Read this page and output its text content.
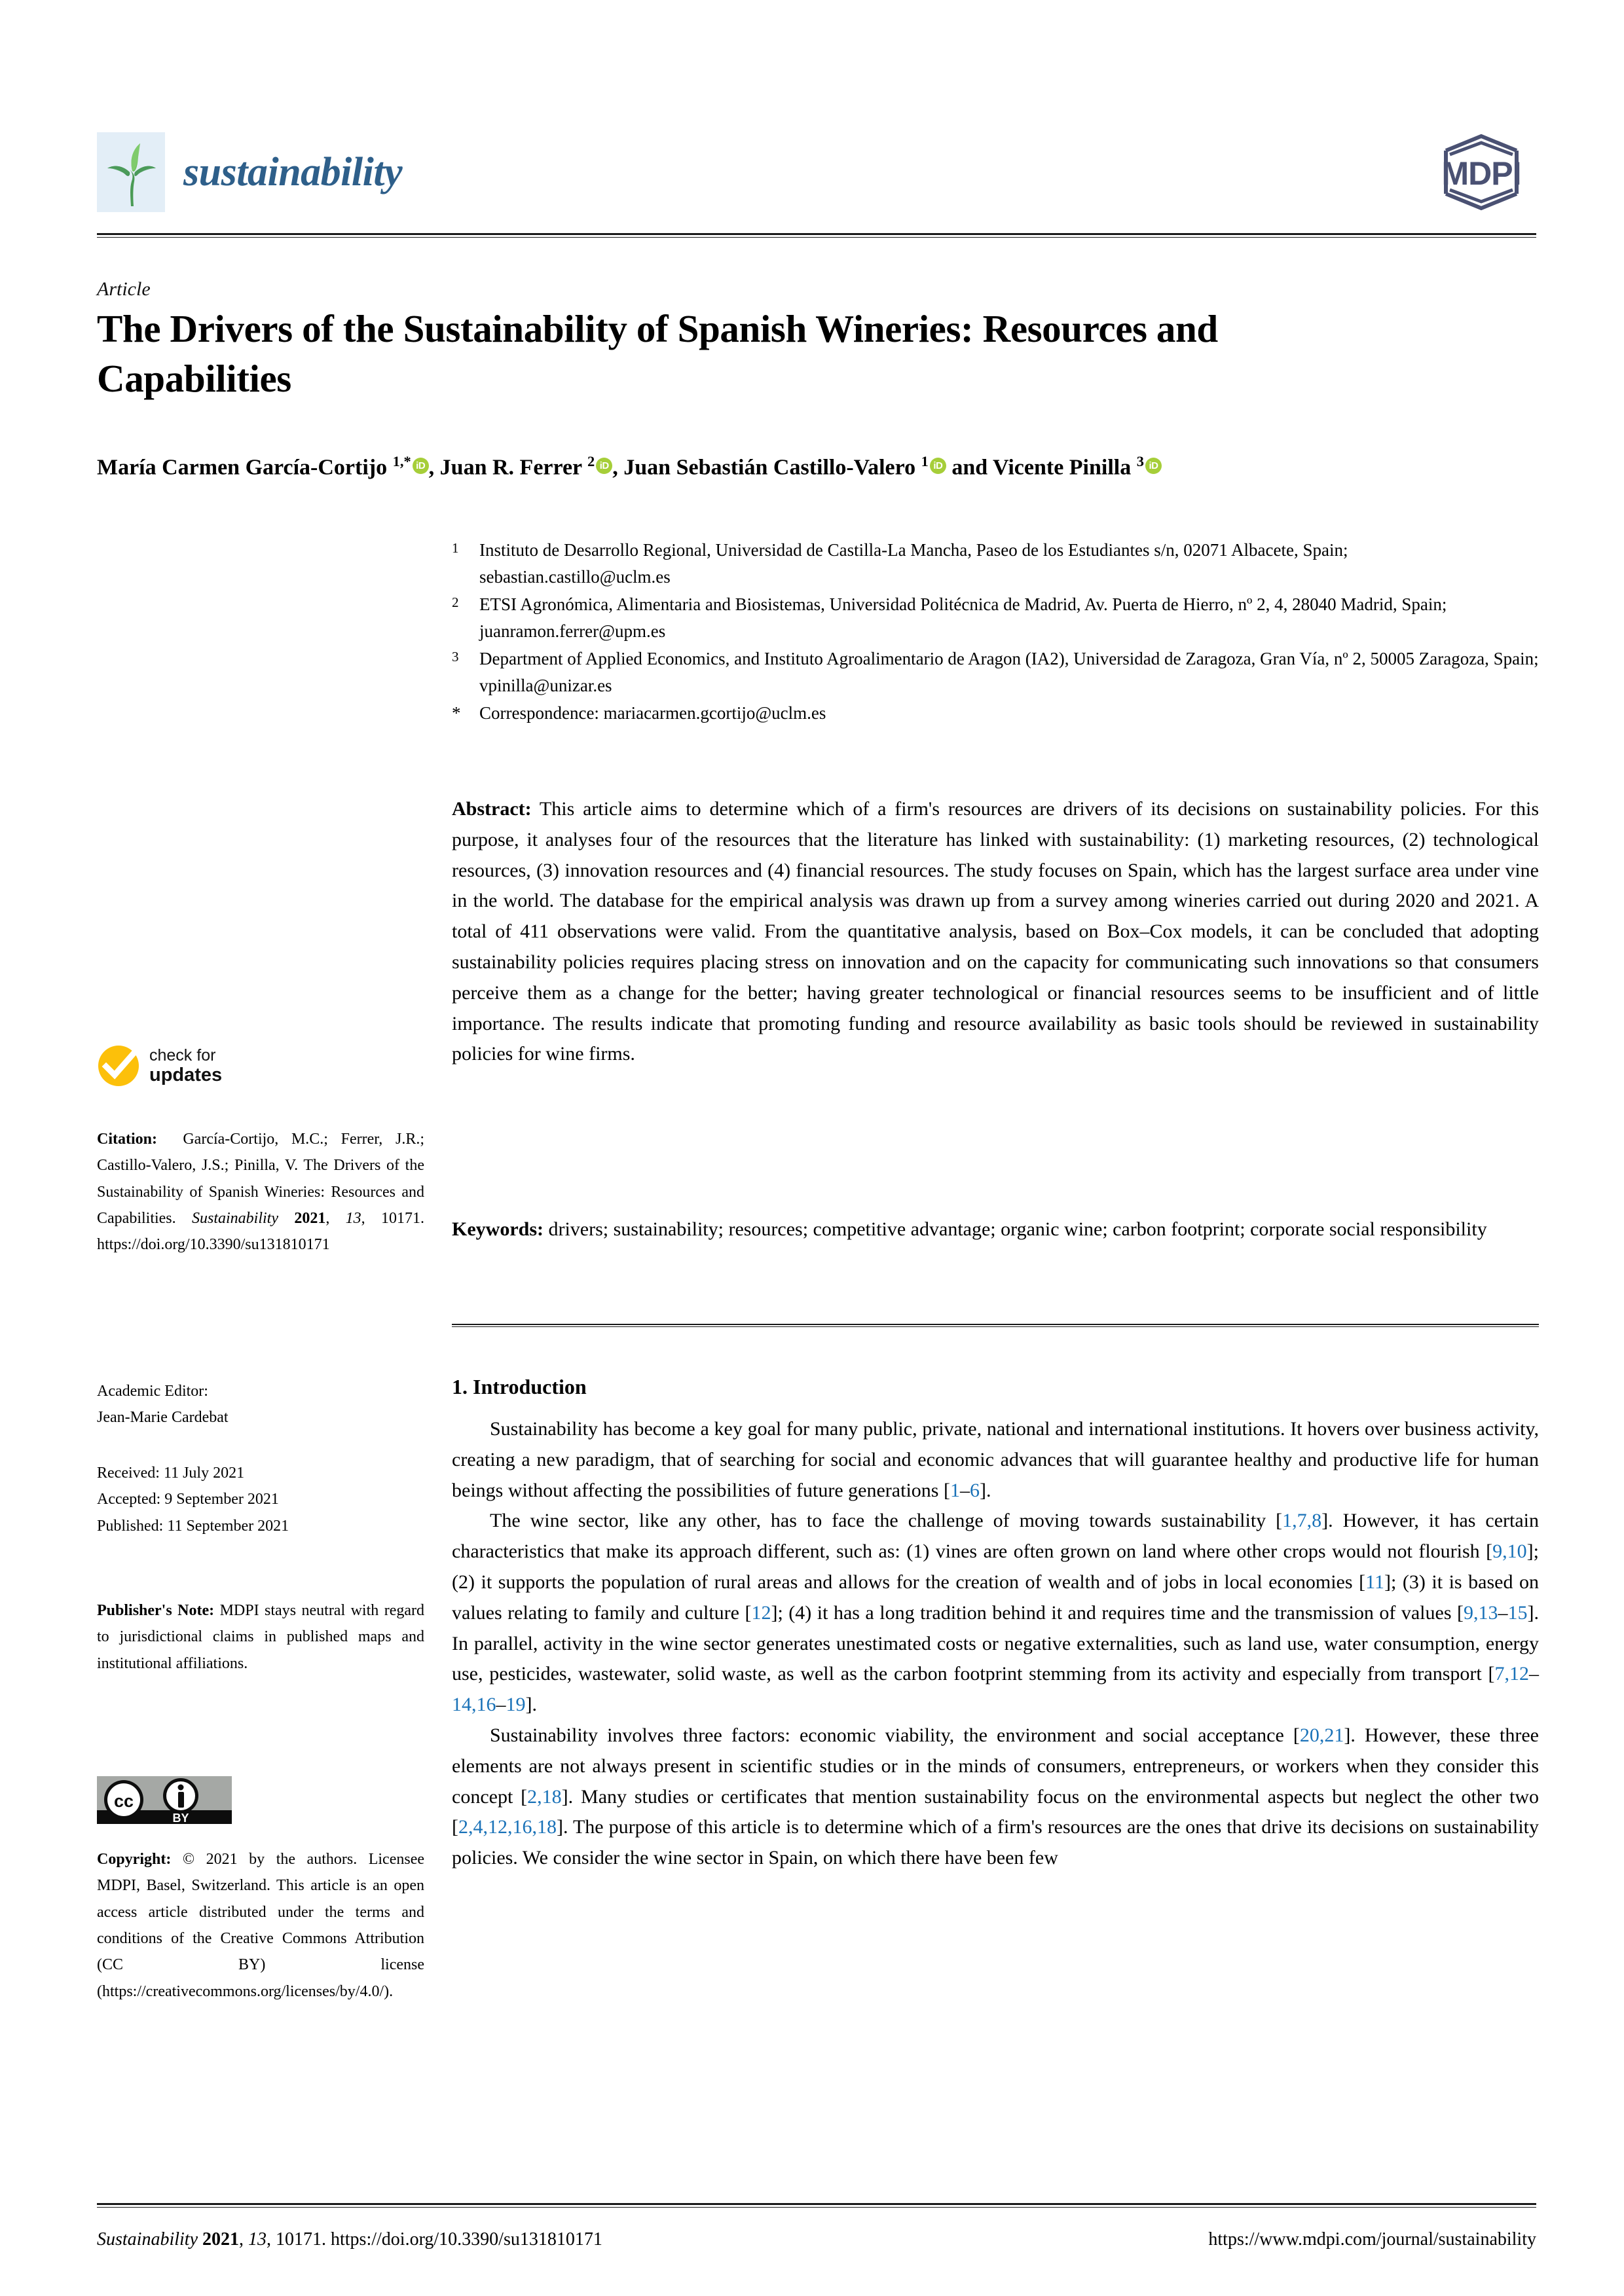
sustainability	MDPI
Article
The Drivers of the Sustainability of Spanish Wineries: Resources and Capabilities
María Carmen García-Cortijo $^{1,*}$ iD , Juan R. Ferrer $^2$ iD , Juan Sebastián Castillo-Valero $^1$ iD and Vicente Pinilla $^3$ iD
1	Instituto de Desarrollo Regional, Universidad de Castilla-La Mancha, Paseo de los Estudiantes s/n, 02071 Albacete, Spain; sebastian.castillo@uclm.es
2	ETSI Agronómica, Alimentaria and Biosistemas, Universidad Politécnica de Madrid, Av. Puerta de Hierro, nº 2, 4, 28040 Madrid, Spain; juanramon.ferrer@upm.es
3	Department of Applied Economics, and Instituto Agroalimentario de Aragon (IA2), Universidad de Zaragoza, Gran Vía, nº 2, 50005 Zaragoza, Spain; vpinilla@unizar.es
*	Correspondence: mariacarmen.gcortijo@uclm.es
Abstract: This article aims to determine which of a firm's resources are drivers of its decisions on sustainability policies. For this purpose, it analyses four of the resources that the literature has linked with sustainability: (1) marketing resources, (2) technological resources, (3) innovation resources and (4) financial resources. The study focuses on Spain, which has the largest surface area under vine in the world. The database for the empirical analysis was drawn up from a survey among wineries carried out during 2020 and 2021. A total of 411 observations were valid. From the quantitative analysis, based on Box–Cox models, it can be concluded that adopting sustainability policies requires placing stress on innovation and on the capacity for communicating such innovations so that consumers perceive them as a change for the better; having greater technological or financial resources seems to be insufficient and of little importance. The results indicate that promoting funding and resource availability as basic tools should be reviewed in sustainability policies for wine firms.
Keywords: drivers; sustainability; resources; competitive advantage; organic wine; carbon footprint; corporate social responsibility
1. Introduction

Sustainability has become a key goal for many public, private, national and international institutions. It hovers over business activity, creating a new paradigm, that of searching for social and economic advances that will guarantee healthy and productive life for human beings without affecting the possibilities of future generations [1–6].

The wine sector, like any other, has to face the challenge of moving towards sustainability [1,7,8]. However, it has certain characteristics that make its approach different, such as: (1) vines are often grown on land where other crops would not flourish [9,10]; (2) it supports the population of rural areas and allows for the creation of wealth and of jobs in local economies [11]; (3) it is based on values relating to family and culture [12]; (4) it has a long tradition behind it and requires time and the transmission of values [9,13–15]. In parallel, activity in the wine sector generates unestimated costs or negative externalities, such as land use, water consumption, energy use, pesticides, wastewater, solid waste, as well as the carbon footprint stemming from its activity and especially from transport [7,12–14,16–19].

Sustainability involves three factors: economic viability, the environment and social acceptance [20,21]. However, these three elements are not always present in scientific studies or in the minds of consumers, entrepreneurs, or workers when they consider this concept [2,18]. Many studies or certificates that mention sustainability focus on the environmental aspects but neglect the other two [2,4,12,16,18]. The purpose of this article is to determine which of a firm's resources are the ones that drive its decisions on sustainability policies. We consider the wine sector in Spain, on which there have been few

check for
updates
Citation:  García-Cortijo, M.C.; Ferrer, J.R.; Castillo-Valero, J.S.; Pinilla, V. The Drivers of the Sustainability of Spanish Wineries: Resources and Capabilities. Sustainability 2021, 13, 10171. https://doi.org/10.3390/su131810171
Academic Editor:
Jean-Marie Cardebat
Received: 11 July 2021
Accepted: 9 September 2021
Published: 11 September 2021
Publisher's Note: MDPI stays neutral with regard to jurisdictional claims in published maps and institutional affiliations.
cc
BY
Copyright: © 2021 by the authors. Licensee MDPI, Basel, Switzerland. This article is an open access article distributed under the terms and conditions of the Creative Commons Attribution (CC BY) license (https://creativecommons.org/licenses/by/4.0/).
Sustainability 2021, 13, 10171. https://doi.org/10.3390/su131810171	https://www.mdpi.com/journal/sustainability
